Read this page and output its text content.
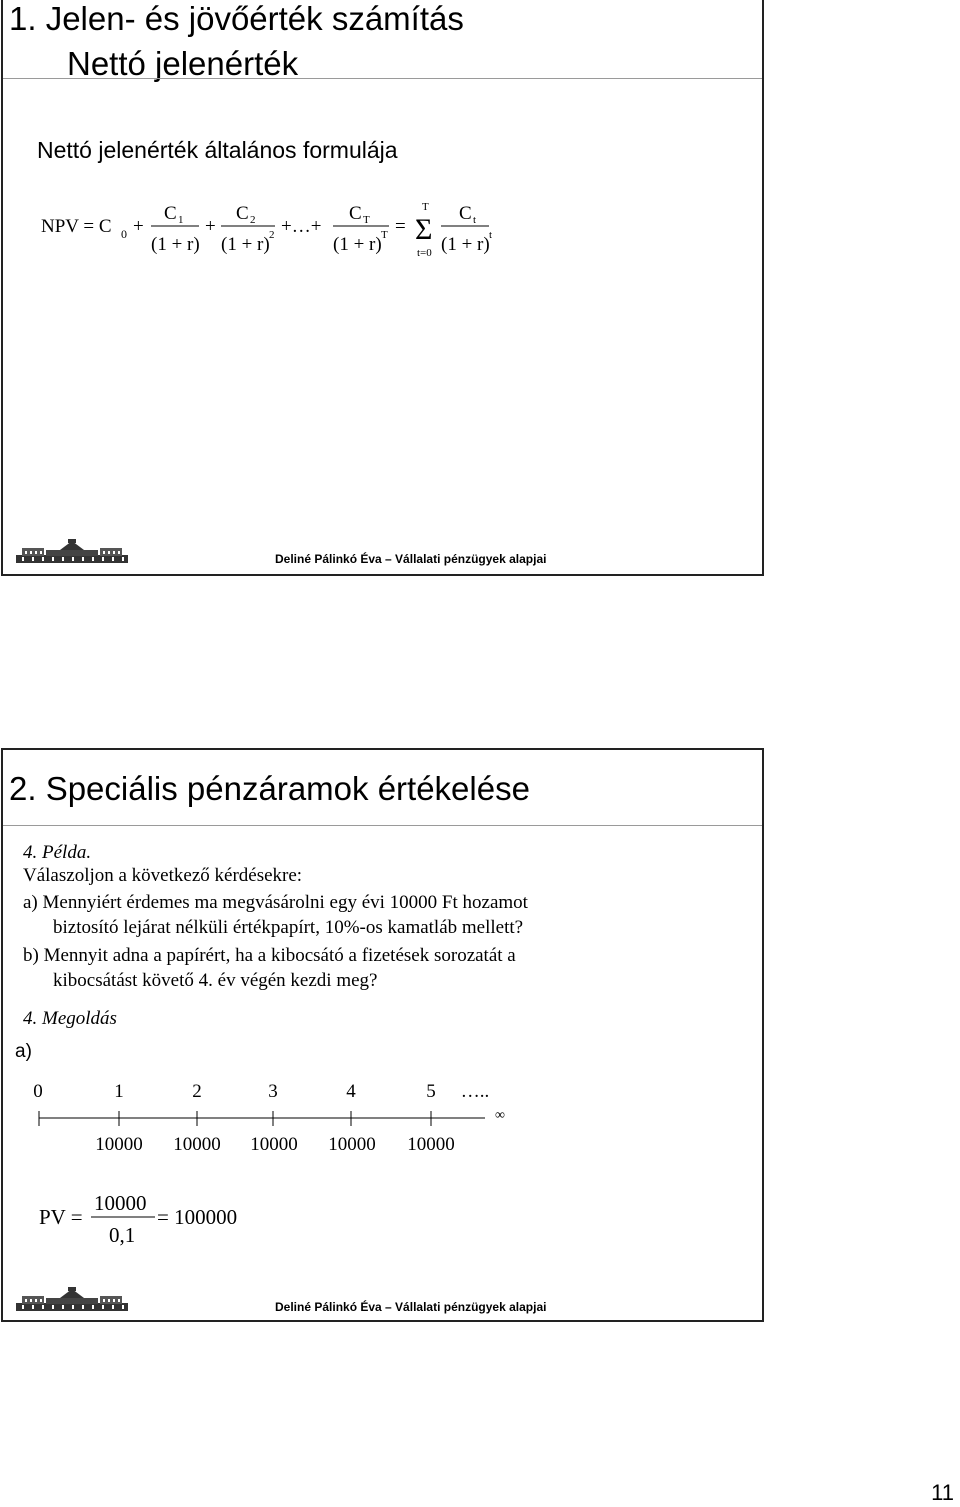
1. Jelen- és jövőérték számítás
Nettó jelenérték
Nettó jelenérték általános formulája
NPV = C 0 +
C 1
(1 + r)
+
C 2
(1 + r) 2 +…+
C T
(1 + r) T =
T
Σ
t=0
C t
(1 + r) t
Deliné Pálinkó Éva – Vállalati pénzügyek alapjai
2. Speciális pénzáramok értékelése
4. Példa.
Válaszoljon a következő kérdésekre:
a) Mennyiért érdemes ma megvásárolni egy évi 10000 Ft hozamot
biztosító lejárat nélküli értékpapírt, 10%-os kamatláb mellett?
b) Mennyit adna a papírért, ha a kibocsátó a fizetések sorozatát a
kibocsátást követő 4. év végén kezdi meg?
4. Megoldás
a)
0	1	2	3	4	5 …..
∞
10000 10000 10000 10000 10000
PV =
10000
0,1
= 100000
Deliné Pálinkó Éva – Vállalati pénzügyek alapjai
11
